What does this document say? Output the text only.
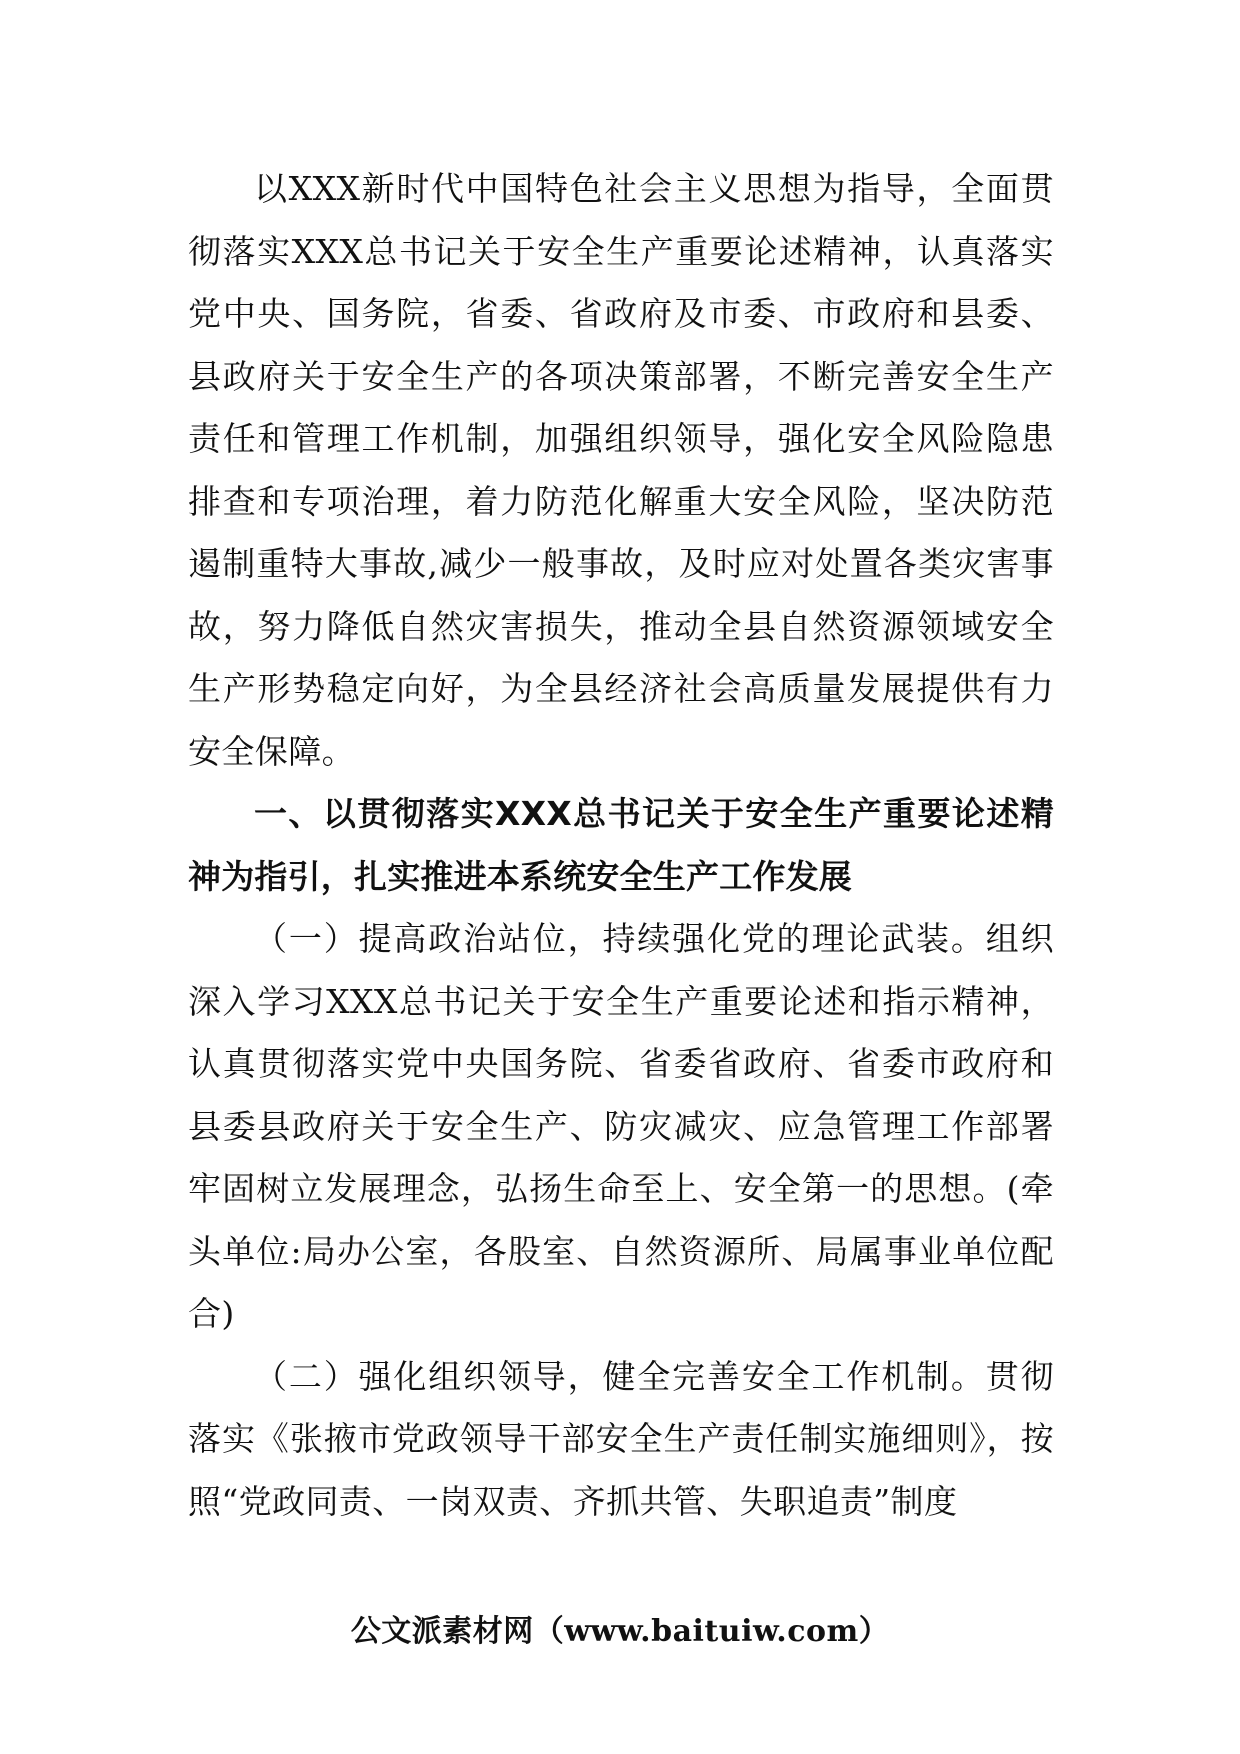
以XXX新时代中国特色社会主义思想为指导，全面贯彻落实XXX总书记关于安全生产重要论述精神，认真落实党中央、国务院，省委、省政府及市委、市政府和县委、县政府关于安全生产的各项决策部署，不断完善安全生产责任和管理工作机制，加强组织领导，强化安全风险隐患排查和专项治理，着力防范化解重大安全风险，坚决防范遏制重特大事故,减少一般事故，及时应对处置各类灾害事故，努力降低自然灾害损失，推动全县自然资源领域安全生产形势稳定向好，为全县经济社会高质量发展提供有力安全保障。

一、以贯彻落实XXX总书记关于安全生产重要论述精神为指引，扎实推进本系统安全生产工作发展

（一）提高政治站位，持续强化党的理论武装。组织深入学习XXX总书记关于安全生产重要论述和指示精神，认真贯彻落实党中央国务院、省委省政府、省委市政府和县委县政府关于安全生产、防灾减灾、应急管理工作部署牢固树立发展理念，弘扬生命至上、安全第一的思想。(牵头单位:局办公室，各股室、自然资源所、局属事业单位配合)

（二）强化组织领导，健全完善安全工作机制。贯彻落实《张掖市党政领导干部安全生产责任制实施细则》，按照“党政同责、一岗双责、齐抓共管、失职追责”制度

公文派素材网（www.baituiw.com）
